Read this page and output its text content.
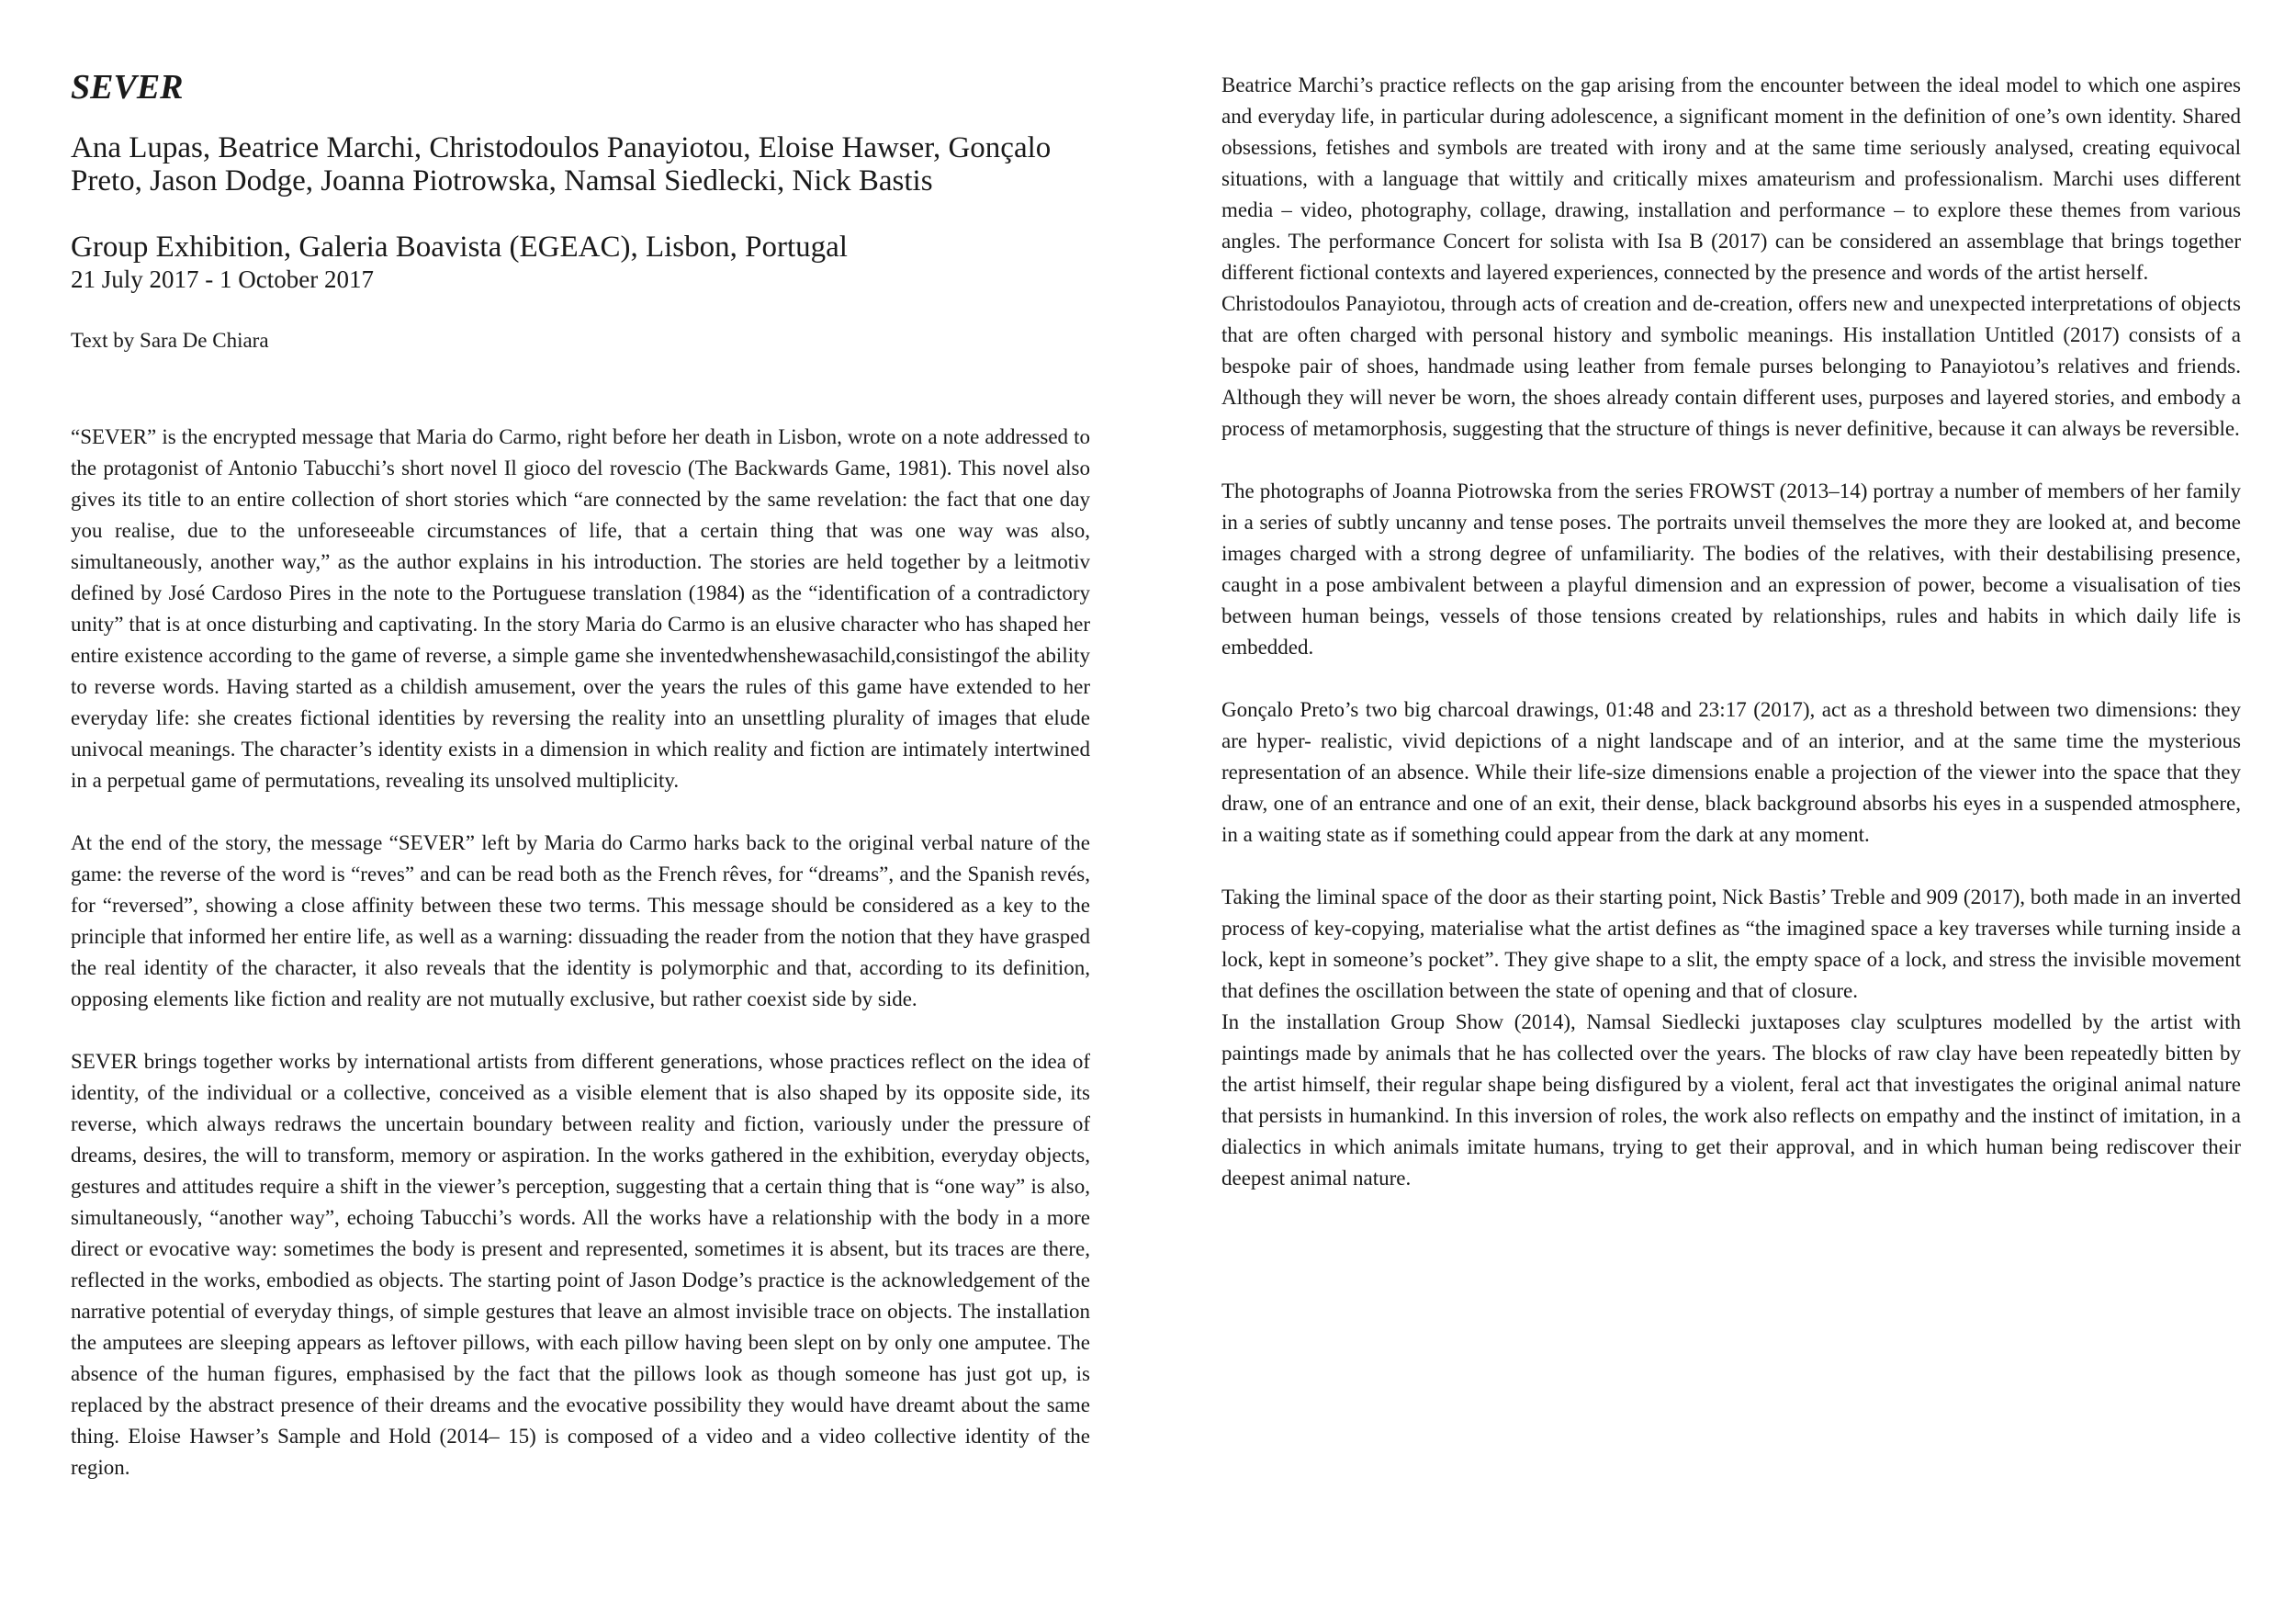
SEVER

Ana Lupas, Beatrice Marchi, Christodoulos Panayiotou, Eloise Hawser, Gonçalo Preto, Jason Dodge, Joanna Piotrowska, Namsal Siedlecki, Nick Bastis

Group Exhibition, Galeria Boavista (EGEAC), Lisbon, Portugal

21 July 2017 - 1 October 2017

Text by Sara De Chiara

“SEVER” is the encrypted message that Maria do Carmo, right before her death in Lisbon, wrote on a note addressed to the protagonist of Antonio Tabucchi’s short novel Il gioco del rovescio (The Backwards Game, 1981). This novel also gives its title to an entire collection of short stories which “are connected by the same revelation: the fact that one day you realise, due to the unforeseeable circumstances of life, that a certain thing that was one way was also, simultaneously, another way,” as the author explains in his introduction. The stories are held together by a leitmotiv defined by José Cardoso Pires in the note to the Portuguese translation (1984) as the “identification of a contradictory unity” that is at once disturbing and captivating. In the story Maria do Carmo is an elusive character who has shaped her entire existence according to the game of reverse, a simple game she inventedwhenshewasachild,consistingof the ability to reverse words. Having started as a childish amusement, over the years the rules of this game have extended to her everyday life: she creates fictional identities by reversing the reality into an unsettling plurality of images that elude univocal meanings. The character’s identity exists in a dimension in which reality and fiction are intimately intertwined in a perpetual game of permutations, revealing its unsolved multiplicity.

At the end of the story, the message “SEVER” left by Maria do Carmo harks back to the original verbal nature of the game: the reverse of the word is “reves” and can be read both as the French rêves, for “dreams”, and the Spanish revés, for “reversed”, showing a close affinity between these two terms. This message should be considered as a key to the principle that informed her entire life, as well as a warning: dissuading the reader from the notion that they have grasped the real identity of the character, it also reveals that the identity is polymorphic and that, according to its definition, opposing elements like fiction and reality are not mutually exclusive, but rather coexist side by side.

SEVER brings together works by international artists from different generations, whose practices reflect on the idea of identity, of the individual or a collective, conceived as a visible element that is also shaped by its opposite side, its reverse, which always redraws the uncertain boundary between reality and fiction, variously under the pressure of dreams, desires, the will to transform, memory or aspiration. In the works gathered in the exhibition, everyday objects, gestures and attitudes require a shift in the viewer’s perception, suggesting that a certain thing that is “one way” is also, simultaneously, “another way”, echoing Tabucchi’s words. All the works have a relationship with the body in a more direct or evocative way: sometimes the body is present and represented, sometimes it is absent, but its traces are there, reflected in the works, embodied as objects. The starting point of Jason Dodge’s practice is the acknowledgement of the narrative potential of everyday things, of simple gestures that leave an almost invisible trace on objects. The installation the amputees are sleeping appears as leftover pillows, with each pillow having been slept on by only one amputee. The absence of the human figures, emphasised by the fact that the pillows look as though someone has just got up, is replaced by the abstract presence of their dreams and the evocative possibility they would have dreamt about the same thing. Eloise Hawser’s Sample and Hold (2014– 15) is composed of a video and a video collective identity of the region.

Beatrice Marchi’s practice reflects on the gap arising from the encounter between the ideal model to which one aspires and everyday life, in particular during adolescence, a significant moment in the definition of one’s own identity. Shared obsessions, fetishes and symbols are treated with irony and at the same time seriously analysed, creating equivocal situations, with a language that wittily and critically mixes amateurism and professionalism. Marchi uses different media – video, photography, collage, drawing, installation and performance – to explore these themes from various angles. The performance Concert for solista with Isa B (2017) can be considered an assemblage that brings together different fictional contexts and layered experiences, connected by the presence and words of the artist herself.

Christodoulos Panayiotou, through acts of creation and de-creation, offers new and unexpected interpretations of objects that are often charged with personal history and symbolic meanings. His installation Untitled (2017) consists of a bespoke pair of shoes, handmade using leather from female purses belonging to Panayiotou’s relatives and friends. Although they will never be worn, the shoes already contain different uses, purposes and layered stories, and embody a process of metamorphosis, suggesting that the structure of things is never definitive, because it can always be reversible.

The photographs of Joanna Piotrowska from the series FROWST (2013–14) portray a number of members of her family in a series of subtly uncanny and tense poses. The portraits unveil themselves the more they are looked at, and become images charged with a strong degree of unfamiliarity. The bodies of the relatives, with their destabilising presence, caught in a pose ambivalent between a playful dimension and an expression of power, become a visualisation of ties between human beings, vessels of those tensions created by relationships, rules and habits in which daily life is embedded.

Gonçalo Preto’s two big charcoal drawings, 01:48 and 23:17 (2017), act as a threshold between two dimensions: they are hyper- realistic, vivid depictions of a night landscape and of an interior, and at the same time the mysterious representation of an absence. While their life-size dimensions enable a projection of the viewer into the space that they draw, one of an entrance and one of an exit, their dense, black background absorbs his eyes in a suspended atmosphere, in a waiting state as if something could appear from the dark at any moment.

Taking the liminal space of the door as their starting point, Nick Bastis’ Treble and 909 (2017), both made in an inverted process of key-copying, materialise what the artist defines as “the imagined space a key traverses while turning inside a lock, kept in someone’s pocket”. They give shape to a slit, the empty space of a lock, and stress the invisible movement that defines the oscillation between the state of opening and that of closure.

In the installation Group Show (2014), Namsal Siedlecki juxtaposes clay sculptures modelled by the artist with paintings made by animals that he has collected over the years. The blocks of raw clay have been repeatedly bitten by the artist himself, their regular shape being disfigured by a violent, feral act that investigates the original animal nature that persists in humankind. In this inversion of roles, the work also reflects on empathy and the instinct of imitation, in a dialectics in which animals imitate humans, trying to get their approval, and in which human being rediscover their deepest animal nature.
